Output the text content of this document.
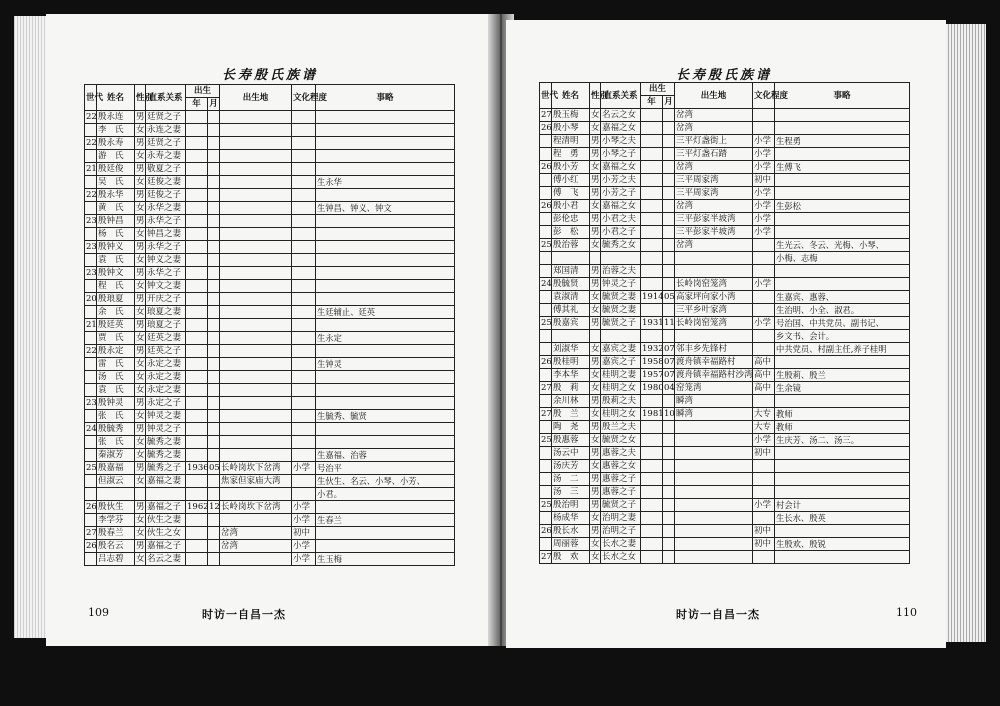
长寿殷氏族谱
世代	姓名	性别	直系关系	出生		出生地	文化程度	事略
				年	月			
22	殷永连	男	廷贤之子					
	李　氏	女	永连之妻					
22	殷永寿	男	廷贤之子					
	游　氏	女	永寿之妻					
21	殷廷俊	男	敬夏之子					
	吴　氏	女	廷俊之妻					生永华
22	殷永华	男	廷俊之子					
	黄　氏	女	永华之妻					生钟昌、钟义、钟文
23	殷钟昌	男	永华之子					
	杨　氏	女	钟昌之妻					
23	殷钟义	男	永华之子					
	袁　氏	女	钟义之妻					
23	殷钟文	男	永华之子					
	程　氏	女	钟文之妻					
20	殷琅夏	男	开庆之子					
	余　氏	女	琅夏之妻					生廷辅止、廷英
21	殷廷英	男	琅夏之子					
	贾　氏	女	廷英之妻					生永定
22	殷永定	男	廷英之子					
	雷　氏	女	永定之妻					生钟灵
	汤　氏	女	永定之妻					
	袁　氏	女	永定之妻					
23	殷钟灵	男	永定之子					
	张　氏	女	钟灵之妻					生毓秀、毓贤
24	殷毓秀	男	钟灵之子					
	张　氏	女	毓秀之妻					
	秦淑芳	女	毓秀之妻					生嘉福、治蓉
25	殷嘉福	男	毓秀之子	1936	05	长岭岗坎下岔湾	小学	号治平
	但淑云	女	嘉福之妻			焦家但家庙大湾		生伙生、名云、小琴、小芳、
								小君。
26	殷伙生	男	嘉福之子	1962	12	长岭岗坎下岔湾	小学	
	李学芬	女	伙生之妻				小学	生春兰
27	殷春兰	女	伙生之女			岔湾	初中	
26	殷名云	男	嘉福之子			岔湾	小学	
	吕志碧	女	名云之妻				小学	生玉梅
109	时访一自昌一杰
长寿殷氏族谱
世代	姓名	性别	直系关系	出生		出生地	文化程度	事略
				年	月			
27	殷玉梅	女	名云之女			岔湾		
26	殷小琴	女	嘉福之女			岔湾		
	程清明	男	小琴之夫			三平灯盏街上	小学	生程勇
	程　勇	男	小琴之子			三平灯盏石踏	小学	
26	殷小芳	女	嘉福之女			岔湾	小学	生傅飞
	傅小红	男	小芳之夫			三平周家湾	初中	
	傅　飞	男	小芳之子			三平周家湾	小学	
26	殷小君	女	嘉福之女			岔湾	小学	生彭松
	彭伦忠	男	小君之夫			三平彭家半坡湾	小学	
	彭　松	男	小君之子			三平彭家半坡湾	小学	
25	殷治蓉	女	毓秀之女			岔湾		生光云、冬云、光梅、小琴、
								小梅、志梅
	郑国清	男	治蓉之夫					
24	殷毓贤	男	钟灵之子			长岭岗窑笼湾	小学	
	袁淑清	女	毓贤之妻	1914	05	高家坪向家小湾		生嘉宾、惠蓉、
	傅其礼	女	毓贤之妻			三平乡叶家湾		生治明、小全、淑君。
25	殷嘉宾	男	毓贤之子	1931	11	长岭岗窑笼湾	小学	号治国、中共党员、副书记、
								乡文书、会计。
	刘淑华	女	嘉宾之妻	1932	07	邻丰乡先锋村		中共党员、村副主任,养子桂明
26	殷桂明	男	嘉宾之子	1958	07	渡舟镇幸福路村	高中	
	李本华	女	桂明之妻	1957	07	渡舟镇幸福路村沙湾	高中	生殷莉、殷兰
27	殷　莉	女	桂明之女	1980	04	窑笼湾	高中	生余镜
	余川林	男	殷莉之夫			瞬湾		
27	殷　兰	女	桂明之女	1981	10	瞬湾	大专	教师
	陶　尧	男	殷兰之夫				大专	教师
25	殷惠蓉	女	毓贤之女				小学	生庆芳、汤二、汤三。
	汤云中	男	惠蓉之夫				初中	
	汤庆芳	女	惠蓉之女					
	汤　二	男	惠蓉之子					
	汤　三	男	惠蓉之子					
25	殷治明	男	毓贤之子				小学	村会计
	杨成华	女	治明之妻					生长水、殷英
26	殷长水	男	治明之子				初中	
	周丽蓉	女	长水之妻				初中	生殷欢、殷锐
27	殷　欢	女	长水之女					
110
时访一自昌一杰
